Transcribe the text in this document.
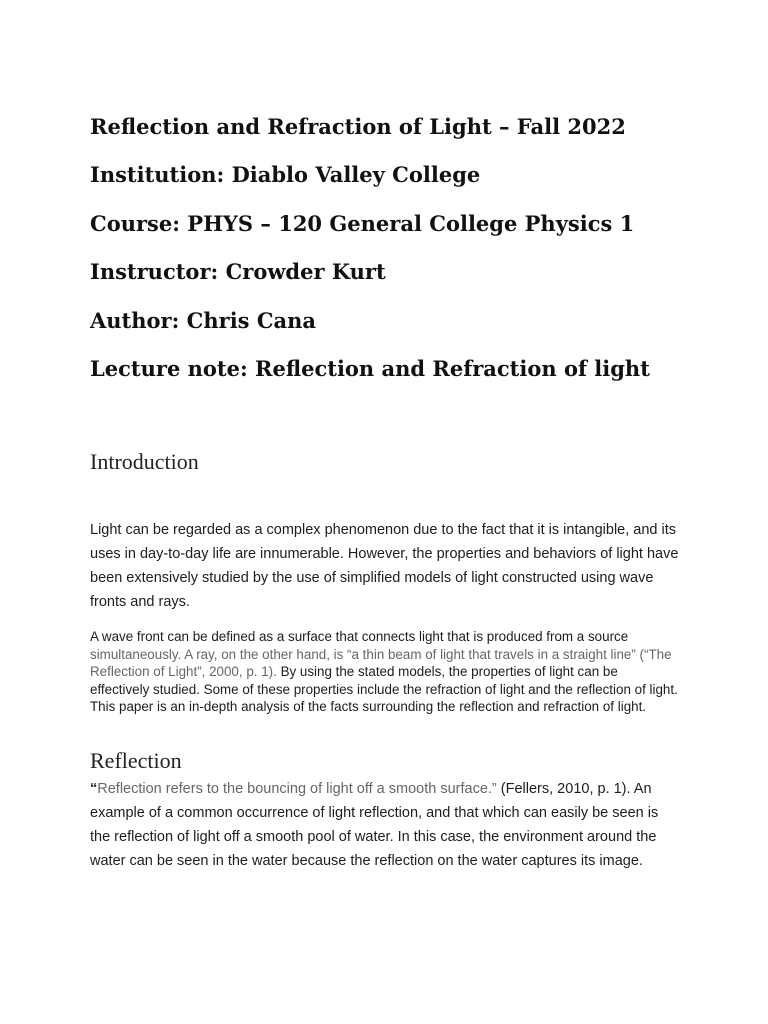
Reflection and Refraction of Light – Fall 2022
Institution: Diablo Valley College
Course: PHYS – 120 General College Physics 1
Instructor: Crowder Kurt
Author: Chris Cana
Lecture note: Reflection and Refraction of light
Introduction

Light can be regarded as a complex phenomenon due to the fact that it is intangible, and its uses in day-to-day life are innumerable. However, the properties and behaviors of light have been extensively studied by the use of simplified models of light constructed using wave fronts and rays.

A wave front can be defined as a surface that connects light that is produced from a source simultaneously. A ray, on the other hand, is “a thin beam of light that travels in a straight line” (“The Reflection of Light”, 2000, p. 1). By using the stated models, the properties of light can be effectively studied. Some of these properties include the refraction of light and the reflection of light. This paper is an in-depth analysis of the facts surrounding the reflection and refraction of light.

Reflection

“Reflection refers to the bouncing of light off a smooth surface.” (Fellers, 2010, p. 1). An example of a common occurrence of light reflection, and that which can easily be seen is the reflection of light off a smooth pool of water. In this case, the environment around the water can be seen in the water because the reflection on the water captures its image.
